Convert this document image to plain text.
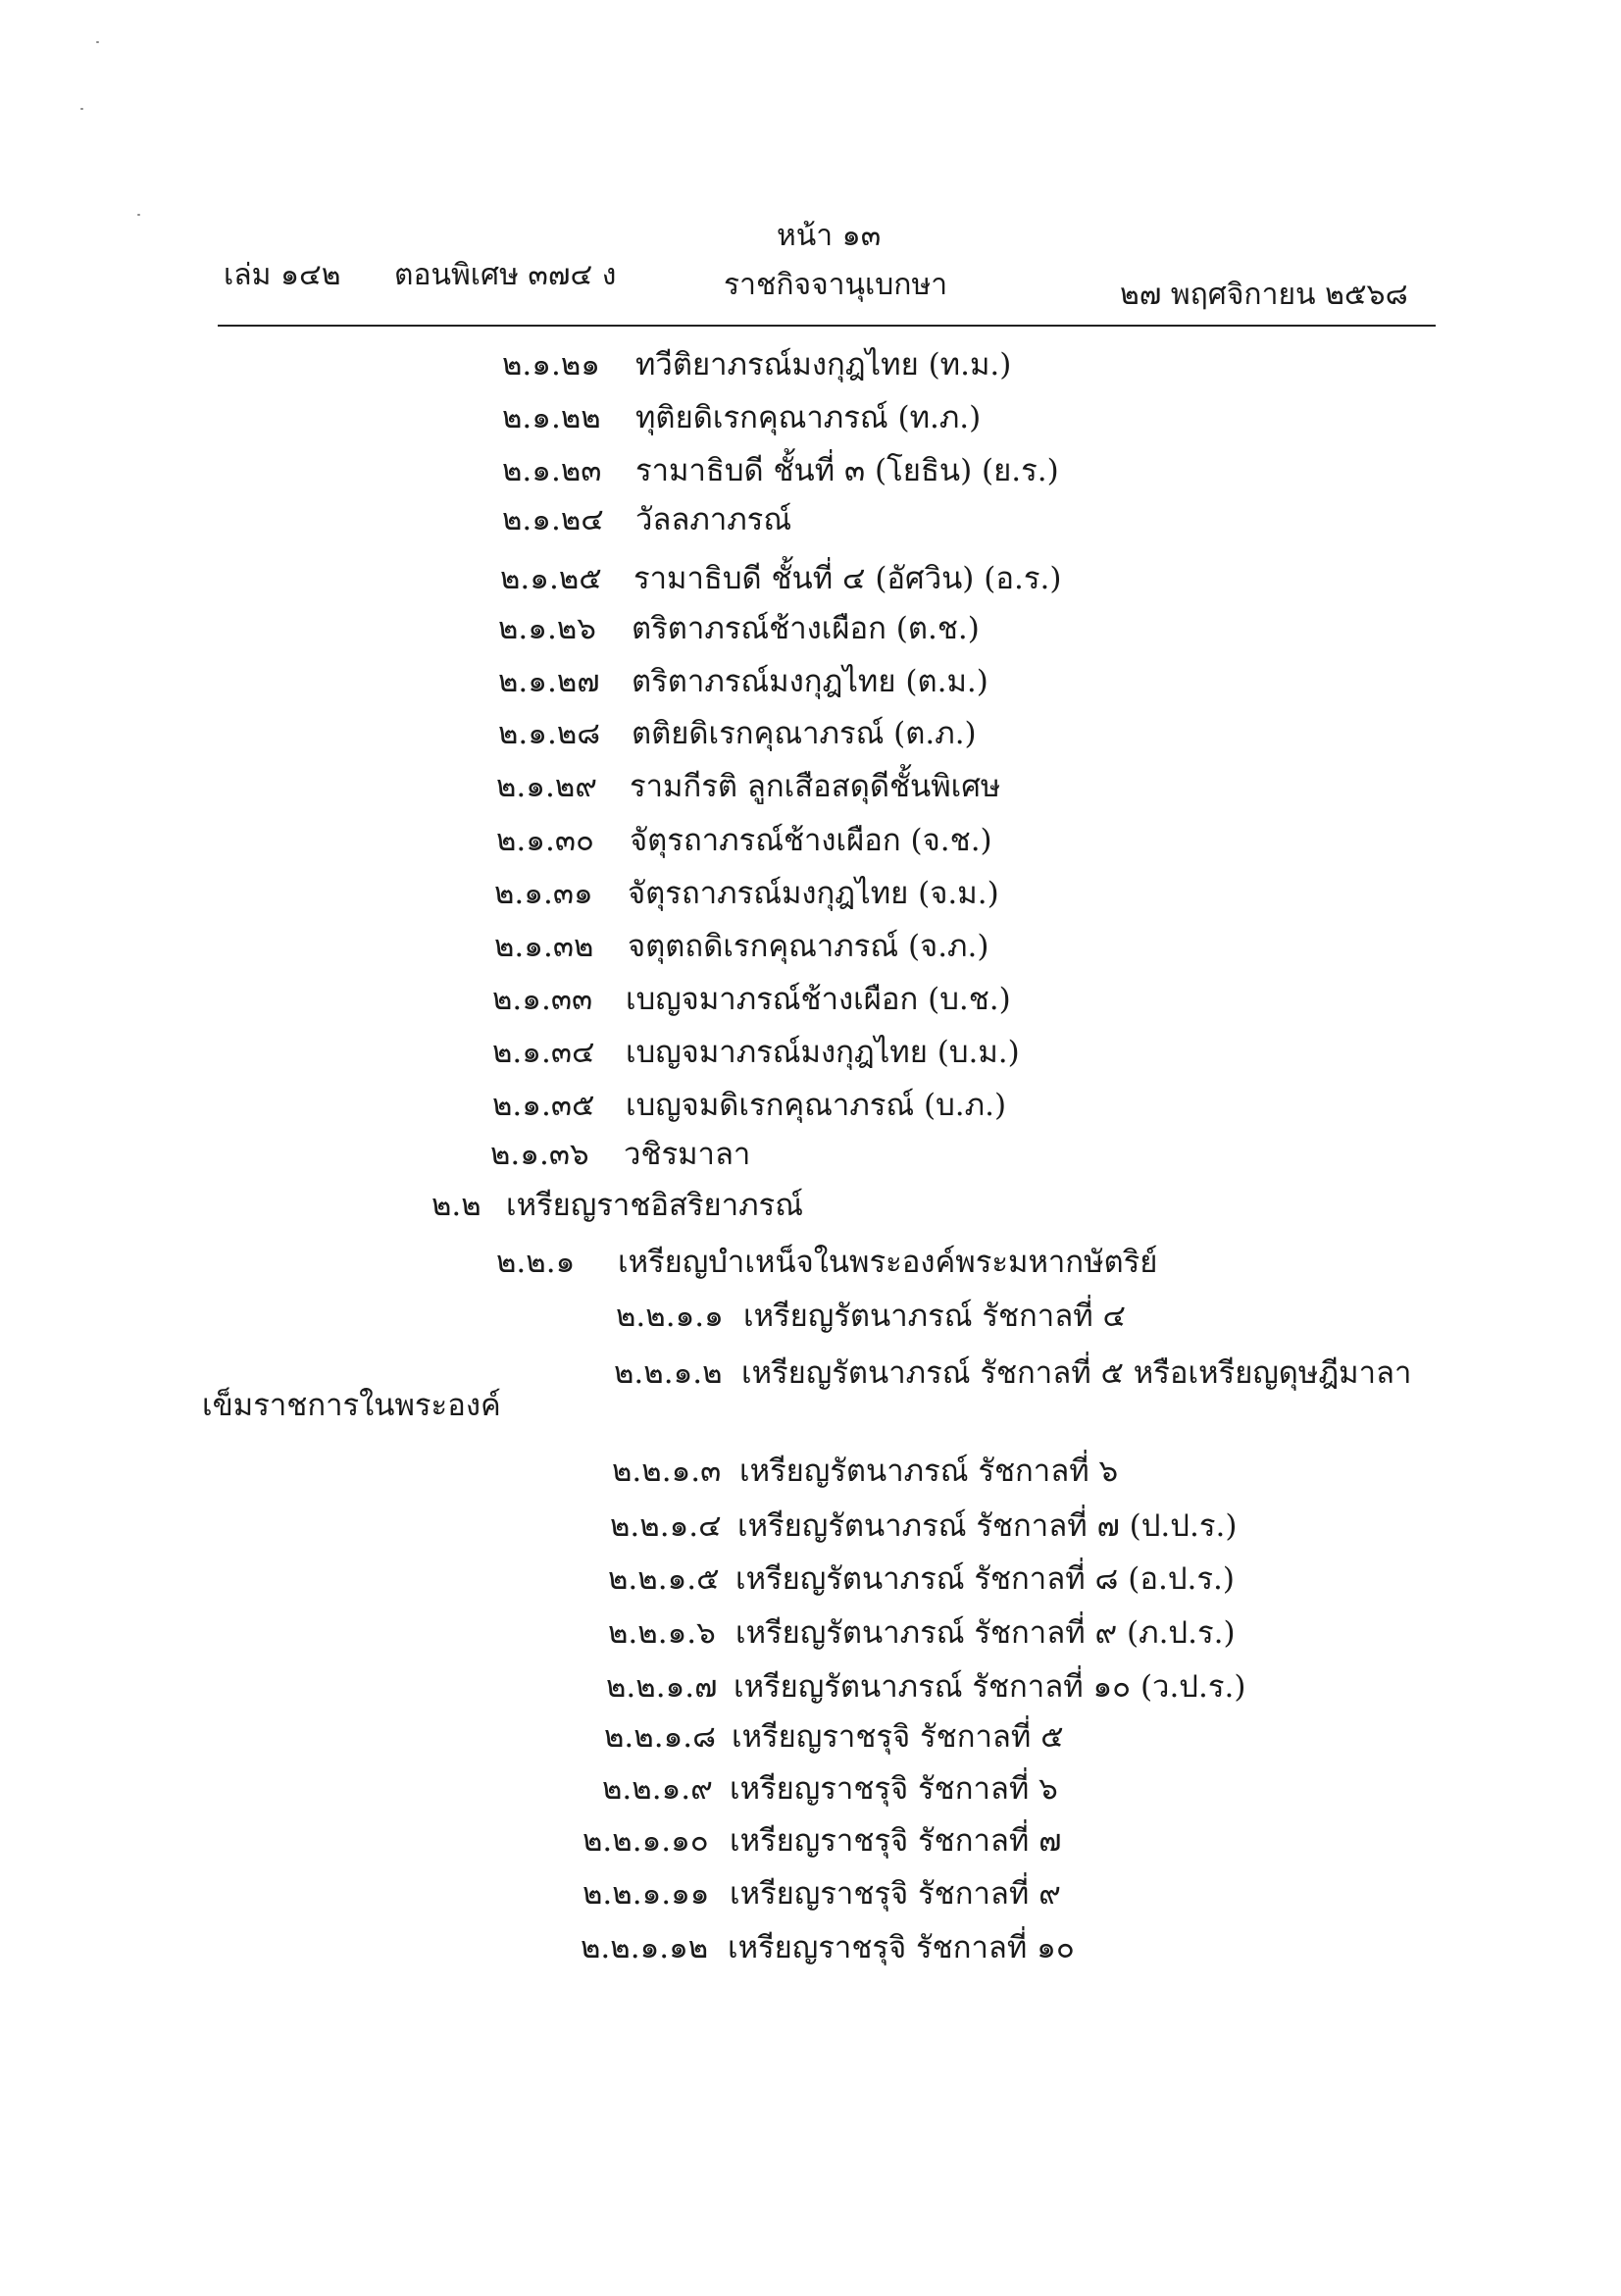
หน้า ๑๓
เล่ม ๑๔๒ ตอนพิเศษ ๓๗๔ ง	ราชกิจจานุเบกษา	๒๗ พฤศจิกายน ๒๕๖๘
๒.๑.๒๑ ทวีติยาภรณ์มงกุฎไทย (ท.ม.)
๒.๑.๒๒ ทุติยดิเรกคุณาภรณ์ (ท.ภ.)
๒.๑.๒๓ รามาธิบดี ชั้นที่ ๓ (โยธิน) (ย.ร.)
๒.๑.๒๔ วัลลภาภรณ์
๒.๑.๒๕ รามาธิบดี ชั้นที่ ๔ (อัศวิน) (อ.ร.)
๒.๑.๒๖ ตริตาภรณ์ช้างเผือก (ต.ช.)
๒.๑.๒๗ ตริตาภรณ์มงกุฎไทย (ต.ม.)
๒.๑.๒๘ ตติยดิเรกคุณาภรณ์ (ต.ภ.)
๒.๑.๒๙ รามกีรติ ลูกเสือสดุดีชั้นพิเศษ
๒.๑.๓๐ จัตุรถาภรณ์ช้างเผือก (จ.ช.)
๒.๑.๓๑ จัตุรถาภรณ์มงกุฎไทย (จ.ม.)
๒.๑.๓๒ จตุตถดิเรกคุณาภรณ์ (จ.ภ.)
๒.๑.๓๓ เบญจมาภรณ์ช้างเผือก (บ.ช.)
๒.๑.๓๔ เบญจมาภรณ์มงกุฎไทย (บ.ม.)
๒.๑.๓๕ เบญจมดิเรกคุณาภรณ์ (บ.ภ.)
๒.๑.๓๖ วชิรมาลา
๒.๒ เหรียญราชอิสริยาภรณ์
๒.๒.๑ เหรียญบำเหน็จในพระองค์พระมหากษัตริย์
๒.๒.๑.๑ เหรียญรัตนาภรณ์ รัชกาลที่ ๔
๒.๒.๑.๒ เหรียญรัตนาภรณ์ รัชกาลที่ ๕ หรือเหรียญดุษฎีมาลา
เข็มราชการในพระองค์
๒.๒.๑.๓ เหรียญรัตนาภรณ์ รัชกาลที่ ๖
๒.๒.๑.๔ เหรียญรัตนาภรณ์ รัชกาลที่ ๗ (ป.ป.ร.)
๒.๒.๑.๕ เหรียญรัตนาภรณ์ รัชกาลที่ ๘ (อ.ป.ร.)
๒.๒.๑.๖ เหรียญรัตนาภรณ์ รัชกาลที่ ๙ (ภ.ป.ร.)
๒.๒.๑.๗ เหรียญรัตนาภรณ์ รัชกาลที่ ๑๐ (ว.ป.ร.)
๒.๒.๑.๘ เหรียญราชรุจิ รัชกาลที่ ๕
๒.๒.๑.๙ เหรียญราชรุจิ รัชกาลที่ ๖
๒.๒.๑.๑๐ เหรียญราชรุจิ รัชกาลที่ ๗
๒.๒.๑.๑๑ เหรียญราชรุจิ รัชกาลที่ ๙
๒.๒.๑.๑๒ เหรียญราชรุจิ รัชกาลที่ ๑๐
